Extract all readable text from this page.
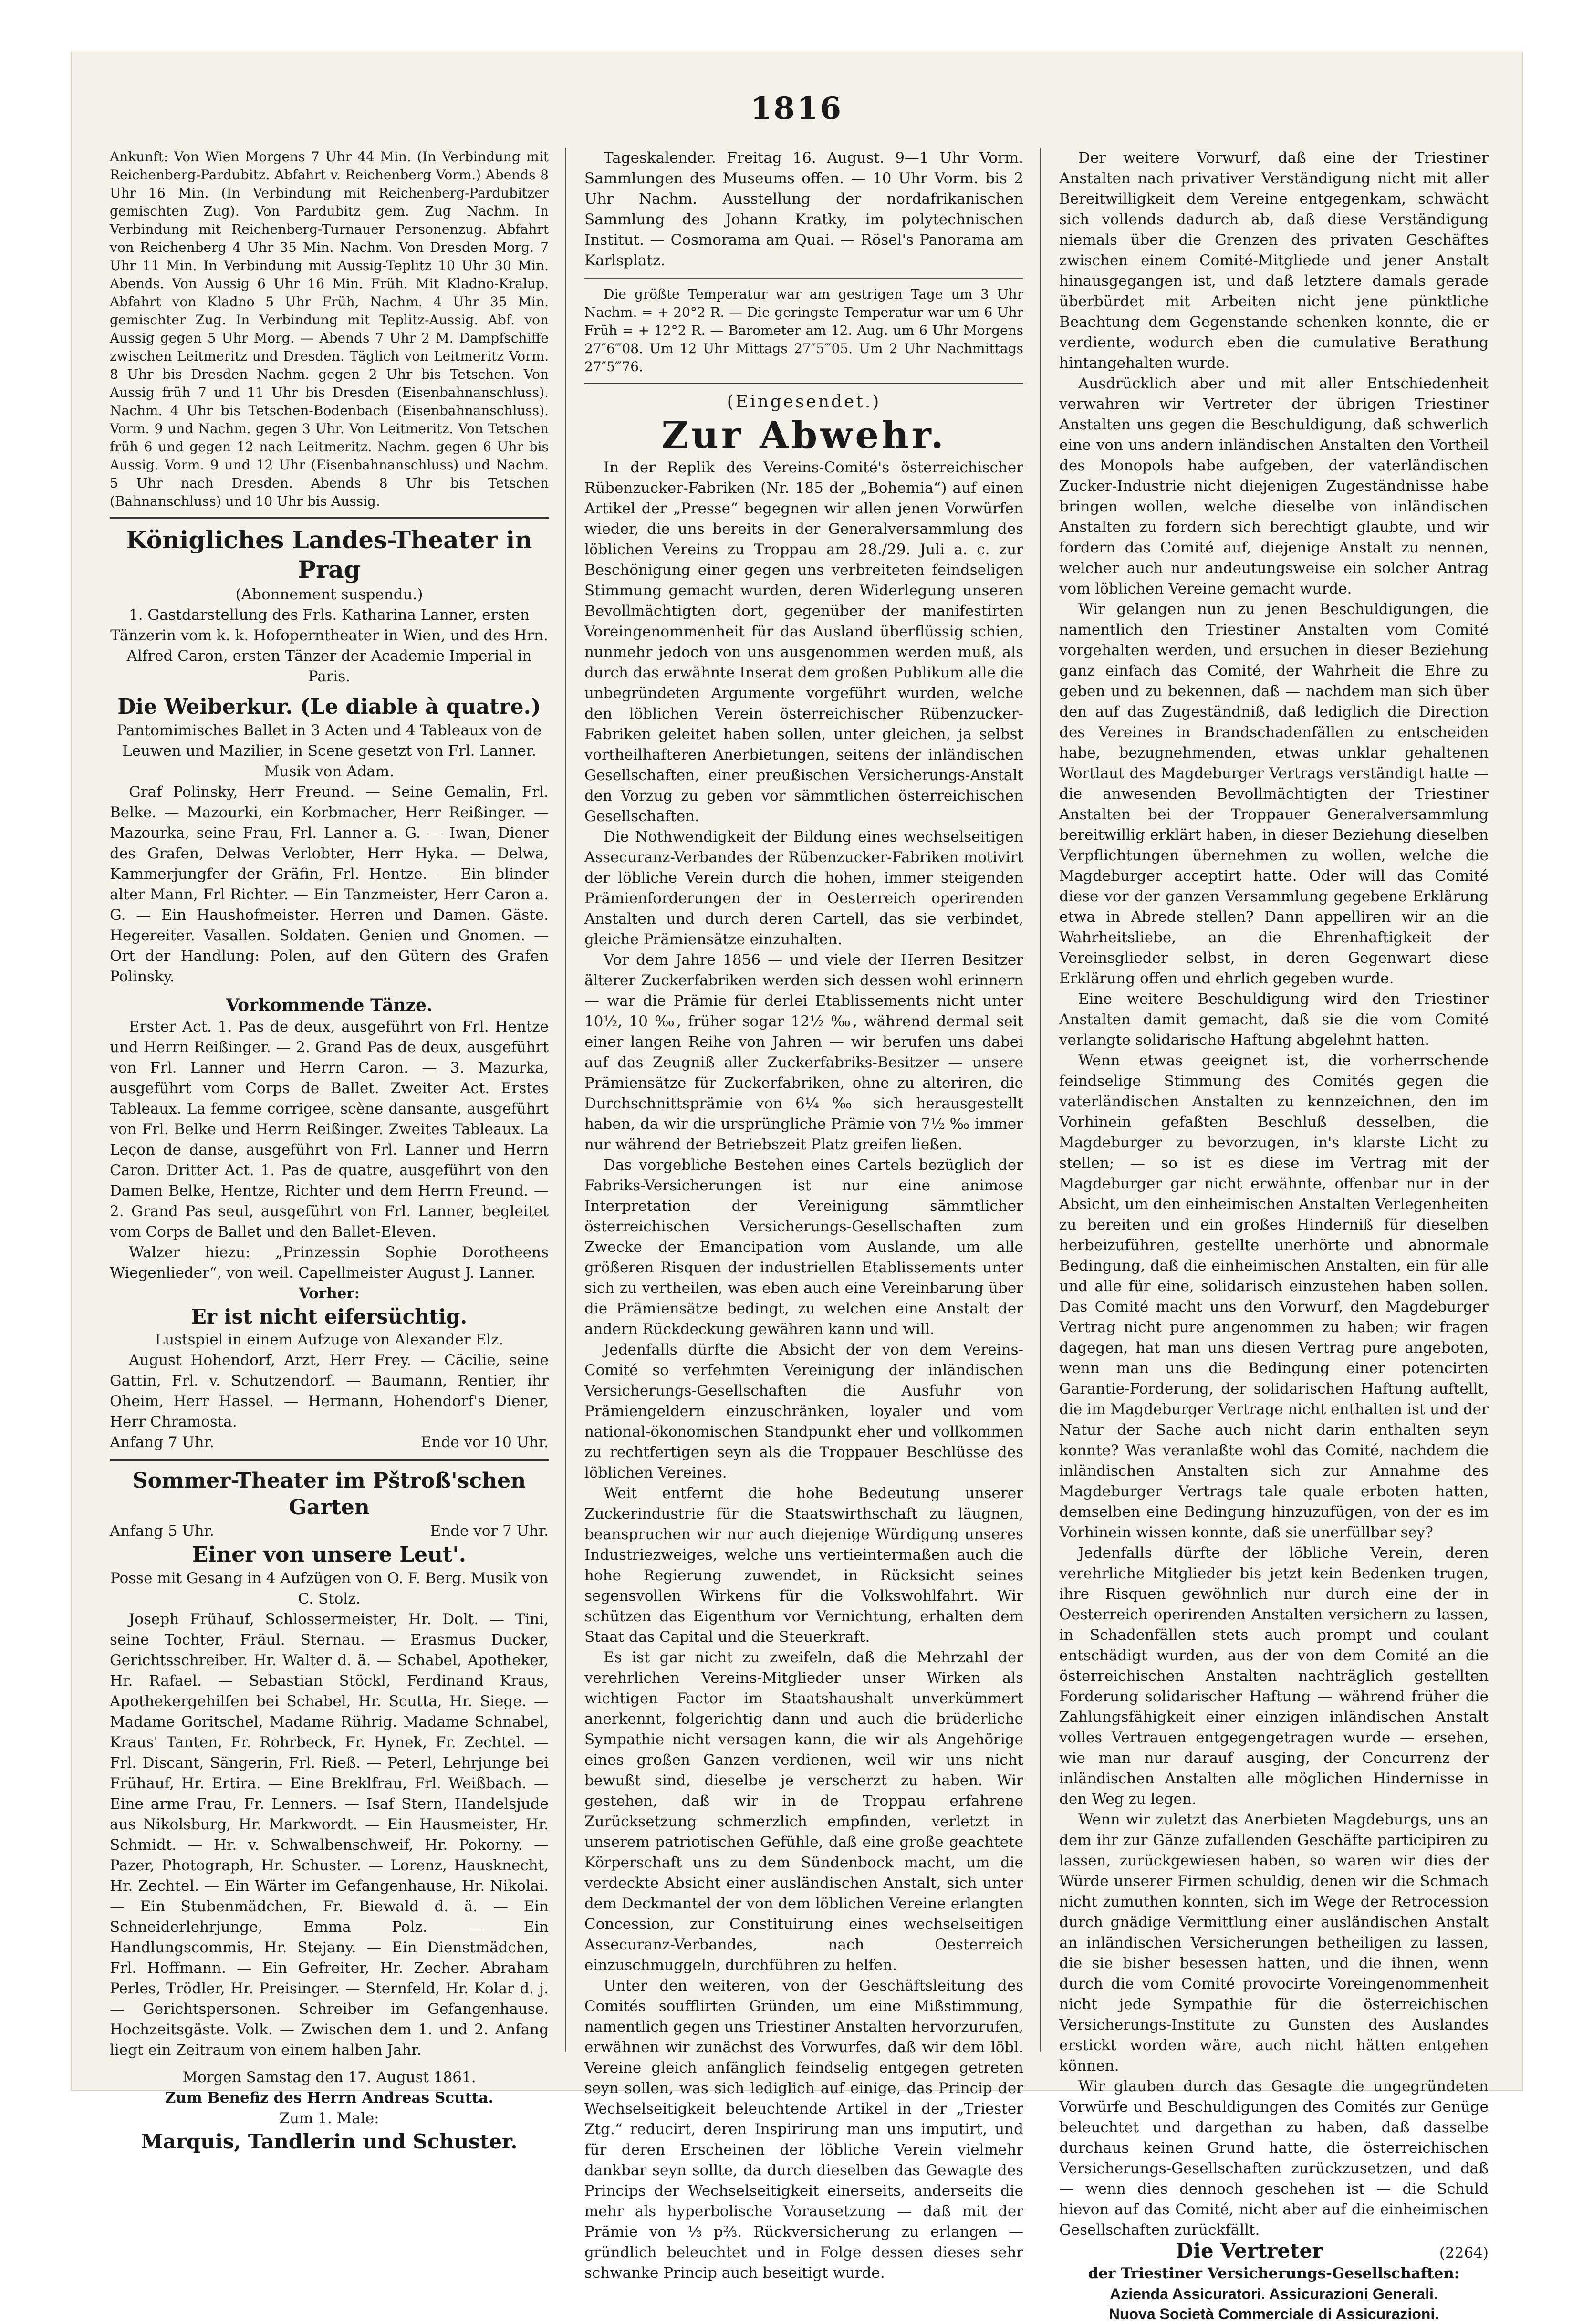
1816

Ankunft: Von Wien Morgens 7 Uhr 44 Min. (In Verbindung mit Reichenberg-Pardubitz. Abfahrt v. Reichenberg Vorm.) Abends 8 Uhr 16 Min. (In Verbindung mit Reichenberg-Pardubitzer gemischten Zug). Von Pardubitz gem. Zug Nachm. In Verbindung mit Reichenberg-Turnauer Personenzug. Abfahrt von Reichenberg 4 Uhr 35 Min. Nachm. Von Dresden Morg. 7 Uhr 11 Min. In Verbindung mit Aussig-Teplitz 10 Uhr 30 Min. Abends. Von Aussig 6 Uhr 16 Min. Früh. Mit Kladno-Kralup. Abfahrt von Kladno 5 Uhr Früh, Nachm. 4 Uhr 35 Min. gemischter Zug. In Verbindung mit Teplitz-Aussig. Abf. von Aussig gegen 5 Uhr Morg. — Abends 7 Uhr 2 M. Dampfschiffe zwischen Leitmeritz und Dresden. Täglich von Leitmeritz Vorm. 8 Uhr bis Dresden Nachm. gegen 2 Uhr bis Tetschen. Von Aussig früh 7 und 11 Uhr bis Dresden (Eisenbahnanschluss). Nachm. 4 Uhr bis Tetschen-Bodenbach (Eisenbahnanschluss). Vorm. 9 und Nachm. gegen 3 Uhr. Von Leitmeritz. Von Tetschen früh 6 und gegen 12 nach Leitmeritz. Nachm. gegen 6 Uhr bis Aussig. Vorm. 9 und 12 Uhr (Eisenbahnanschluss) und Nachm. 5 Uhr nach Dresden. Abends 8 Uhr bis Tetschen (Bahnanschluss) und 10 Uhr bis Aussig.

Königliches Landes-Theater in Prag

(Abonnement suspendu.)

1. Gastdarstellung des Frls. Katharina Lanner, ersten Tänzerin vom k. k. Hofoperntheater in Wien, und des Hrn. Alfred Caron, ersten Tänzer der Academie Imperial in Paris.

Die Weiberkur. (Le diable à quatre.)

Pantomimisches Ballet in 3 Acten und 4 Tableaux von de Leuwen und Mazilier, in Scene gesetzt von Frl. Lanner. Musik von Adam.

Graf Polinsky, Herr Freund. — Seine Gemalin, Frl. Belke. — Mazourki, ein Korbmacher, Herr Reißinger. — Mazourka, seine Frau, Frl. Lanner a. G. — Iwan, Diener des Grafen, Delwas Verlobter, Herr Hyka. — Delwa, Kammerjungfer der Gräfin, Frl. Hentze. — Ein blinder alter Mann, Frl Richter. — Ein Tanzmeister, Herr Caron a. G. — Ein Haushofmeister. Herren und Damen. Gäste. Hegereiter. Vasallen. Soldaten. Genien und Gnomen. — Ort der Handlung: Polen, auf den Gütern des Grafen Polinsky.

Vorkommende Tänze.

Erster Act. 1. Pas de deux, ausgeführt von Frl. Hentze und Herrn Reißinger. — 2. Grand Pas de deux, ausgeführt von Frl. Lanner und Herrn Caron. — 3. Mazurka, ausgeführt vom Corps de Ballet. Zweiter Act. Erstes Tableaux. La femme corrigee, scène dansante, ausgeführt von Frl. Belke und Herrn Reißinger. Zweites Tableaux. La Leçon de danse, ausgeführt von Frl. Lanner und Herrn Caron. Dritter Act. 1. Pas de quatre, ausgeführt von den Damen Belke, Hentze, Richter und dem Herrn Freund. — 2. Grand Pas seul, ausgeführt von Frl. Lanner, begleitet vom Corps de Ballet und den Ballet-Eleven.

Walzer hiezu: „Prinzessin Sophie Dorotheens Wiegenlieder“, von weil. Capellmeister August J. Lanner.

Vorher:

Er ist nicht eifersüchtig.

Lustspiel in einem Aufzuge von Alexander Elz.

August Hohendorf, Arzt, Herr Frey. — Cäcilie, seine Gattin, Frl. v. Schutzendorf. — Baumann, Rentier, ihr Oheim, Herr Hassel. — Hermann, Hohendorf's Diener, Herr Chramosta.

Anfang 7 Uhr.	Ende vor 10 Uhr.

Sommer-Theater im Pštroß'schen Garten

Anfang 5 Uhr.	Ende vor 7 Uhr.

Einer von unsere Leut'.

Posse mit Gesang in 4 Aufzügen von O. F. Berg. Musik von C. Stolz.

Joseph Frühauf, Schlossermeister, Hr. Dolt. — Tini, seine Tochter, Fräul. Sternau. — Erasmus Ducker, Gerichtsschreiber. Hr. Walter d. ä. — Schabel, Apotheker, Hr. Rafael. — Sebastian Stöckl, Ferdinand Kraus, Apothekergehilfen bei Schabel, Hr. Scutta, Hr. Siege. — Madame Goritschel, Madame Rührig. Madame Schnabel, Kraus' Tanten, Fr. Rohrbeck, Fr. Hynek, Fr. Zechtel. — Frl. Discant, Sängerin, Frl. Rieß. — Peterl, Lehrjunge bei Frühauf, Hr. Ertira. — Eine Breklfrau, Frl. Weißbach. — Eine arme Frau, Fr. Lenners. — Isaf Stern, Handelsjude aus Nikolsburg, Hr. Markwordt. — Ein Hausmeister, Hr. Schmidt. — Hr. v. Schwalbenschweif, Hr. Pokorny. — Pazer, Photograph, Hr. Schuster. — Lorenz, Hausknecht, Hr. Zechtel. — Ein Wärter im Gefangenhause, Hr. Nikolai. — Ein Stubenmädchen, Fr. Biewald d. ä. — Ein Schneiderlehrjunge, Emma Polz. — Ein Handlungscommis, Hr. Stejany. — Ein Dienstmädchen, Frl. Hoffmann. — Ein Gefreiter, Hr. Zecher. Abraham Perles, Trödler, Hr. Preisinger. — Sternfeld, Hr. Kolar d. j. — Gerichtspersonen. Schreiber im Gefangenhause. Hochzeitsgäste. Volk. — Zwischen dem 1. und 2. Anfang liegt ein Zeitraum von einem halben Jahr.

Morgen Samstag den 17. August 1861.

Zum Benefiz des Herrn Andreas Scutta.

Zum 1. Male:

Marquis, Tandlerin und Schuster.

Tageskalender. Freitag 16. August. 9—1 Uhr Vorm. Sammlungen des Museums offen. — 10 Uhr Vorm. bis 2 Uhr Nachm. Ausstellung der nordafrikanischen Sammlung des Johann Kratky, im polytechnischen Institut. — Cosmorama am Quai. — Rösel's Panorama am Karlsplatz.

Die größte Temperatur war am gestrigen Tage um 3 Uhr Nachm. = + 20°2 R. — Die geringste Temperatur war um 6 Uhr Früh = + 12°2 R. — Barometer am 12. Aug. um 6 Uhr Morgens 27″6‴08. Um 12 Uhr Mittags 27″5‴05. Um 2 Uhr Nachmittags 27″5‴76.

(Eingesendet.)

Zur Abwehr.

In der Replik des Vereins-Comité's österreichischer Rübenzucker-Fabriken (Nr. 185 der „Bohemia“) auf einen Artikel der „Presse“ begegnen wir allen jenen Vorwürfen wieder, die uns bereits in der Generalversammlung des löblichen Vereins zu Troppau am 28./29. Juli a. c. zur Beschönigung einer gegen uns verbreiteten feindseligen Stimmung gemacht wurden, deren Widerlegung unseren Bevollmächtigten dort, gegenüber der manifestirten Voreingenommenheit für das Ausland überflüssig schien, nunmehr jedoch von uns ausgenommen werden muß, als durch das erwähnte Inserat dem großen Publikum alle die unbegründeten Argumente vorgeführt wurden, welche den löblichen Verein österreichischer Rübenzucker-Fabriken geleitet haben sollen, unter gleichen, ja selbst vortheilhafteren Anerbietungen, seitens der inländischen Gesellschaften, einer preußischen Versicherungs-Anstalt den Vorzug zu geben vor sämmtlichen österreichischen Gesellschaften.

Die Nothwendigkeit der Bildung eines wechselseitigen Assecuranz-Verbandes der Rübenzucker-Fabriken motivirt der löbliche Verein durch die hohen, immer steigenden Prämienforderungen der in Oesterreich operirenden Anstalten und durch deren Cartell, das sie verbindet, gleiche Prämiensätze einzuhalten.

Vor dem Jahre 1856 — und viele der Herren Besitzer älterer Zuckerfabriken werden sich dessen wohl erinnern — war die Prämie für derlei Etablissements nicht unter 10½, 10 ‰, früher sogar 12½ ‰, während dermal seit einer langen Reihe von Jahren — wir berufen uns dabei auf das Zeugniß aller Zuckerfabriks-Besitzer — unsere Prämiensätze für Zuckerfabriken, ohne zu alteriren, die Durchschnittsprämie von 6¼ ‰ sich herausgestellt haben, da wir die ursprüngliche Prämie von 7½ ‰ immer nur während der Betriebszeit Platz greifen ließen.

Das vorgebliche Bestehen eines Cartels bezüglich der Fabriks-Versicherungen ist nur eine animose Interpretation der Vereinigung sämmtlicher österreichischen Versicherungs-Gesellschaften zum Zwecke der Emancipation vom Auslande, um alle größeren Risquen der industriellen Etablissements unter sich zu vertheilen, was eben auch eine Vereinbarung über die Prämiensätze bedingt, zu welchen eine Anstalt der andern Rückdeckung gewähren kann und will.

Jedenfalls dürfte die Absicht der von dem Vereins-Comité so verfehmten Vereinigung der inländischen Versicherungs-Gesellschaften die Ausfuhr von Prämiengeldern einzuschränken, loyaler und vom national-ökonomischen Standpunkt eher und vollkommen zu rechtfertigen seyn als die Troppauer Beschlüsse des löblichen Vereines.

Weit entfernt die hohe Bedeutung unserer Zuckerindustrie für die Staatswirthschaft zu läugnen, beanspruchen wir nur auch diejenige Würdigung unseres Industriezweiges, welche uns vertieintermaßen auch die hohe Regierung zuwendet, in Rücksicht seines segensvollen Wirkens für die Volkswohlfahrt. Wir schützen das Eigenthum vor Vernichtung, erhalten dem Staat das Capital und die Steuerkraft.

Es ist gar nicht zu zweifeln, daß die Mehrzahl der verehrlichen Vereins-Mitglieder unser Wirken als wichtigen Factor im Staatshaushalt unverkümmert anerkennt, folgerichtig dann und auch die brüderliche Sympathie nicht versagen kann, die wir als Angehörige eines großen Ganzen verdienen, weil wir uns nicht bewußt sind, dieselbe je verscherzt zu haben. Wir gestehen, daß wir in de Troppau erfahrene Zurücksetzung schmerzlich empfinden, verletzt in unserem patriotischen Gefühle, daß eine große geachtete Körperschaft uns zu dem Sündenbock macht, um die verdeckte Absicht einer ausländischen Anstalt, sich unter dem Deckmantel der von dem löblichen Vereine erlangten Concession, zur Constituirung eines wechselseitigen Assecuranz-Verbandes, nach Oesterreich einzuschmuggeln, durchführen zu helfen.

Unter den weiteren, von der Geschäftsleitung des Comités soufflirten Gründen, um eine Mißstimmung, namentlich gegen uns Triestiner Anstalten hervorzurufen, erwähnen wir zunächst des Vorwurfes, daß wir dem löbl. Vereine gleich anfänglich feindselig entgegen getreten seyn sollen, was sich lediglich auf einige, das Princip der Wechselseitigkeit beleuchtende Artikel in der „Triester Ztg.“ reducirt, deren Inspirirung man uns imputirt, und für deren Erscheinen der löbliche Verein vielmehr dankbar seyn sollte, da durch dieselben das Gewagte des Princips der Wechselseitigkeit einerseits, anderseits die mehr als hyperbolische Vorausetzung — daß mit der Prämie von ⅓ p⅔. Rückversicherung zu erlangen — gründlich beleuchtet und in Folge dessen dieses sehr schwanke Princip auch beseitigt wurde.

Der weitere Vorwurf, daß eine der Triestiner Anstalten nach privativer Verständigung nicht mit aller Bereitwilligkeit dem Vereine entgegenkam, schwächt sich vollends dadurch ab, daß diese Verständigung niemals über die Grenzen des privaten Geschäftes zwischen einem Comité-Mitgliede und jener Anstalt hinausgegangen ist, und daß letztere damals gerade überbürdet mit Arbeiten nicht jene pünktliche Beachtung dem Gegenstande schenken konnte, die er verdiente, wodurch eben die cumulative Berathung hintangehalten wurde.

Ausdrücklich aber und mit aller Entschiedenheit verwahren wir Vertreter der übrigen Triestiner Anstalten uns gegen die Beschuldigung, daß schwerlich eine von uns andern inländischen Anstalten den Vortheil des Monopols habe aufgeben, der vaterländischen Zucker-Industrie nicht diejenigen Zugeständnisse habe bringen wollen, welche dieselbe von inländischen Anstalten zu fordern sich berechtigt glaubte, und wir fordern das Comité auf, diejenige Anstalt zu nennen, welcher auch nur andeutungsweise ein solcher Antrag vom löblichen Vereine gemacht wurde.

Wir gelangen nun zu jenen Beschuldigungen, die namentlich den Triestiner Anstalten vom Comité vorgehalten werden, und ersuchen in dieser Beziehung ganz einfach das Comité, der Wahrheit die Ehre zu geben und zu bekennen, daß — nachdem man sich über den auf das Zugeständniß, daß lediglich die Direction des Vereines in Brandschadenfällen zu entscheiden habe, bezugnehmenden, etwas unklar gehaltenen Wortlaut des Magdeburger Vertrags verständigt hatte — die anwesenden Bevollmächtigten der Triestiner Anstalten bei der Troppauer Generalversammlung bereitwillig erklärt haben, in dieser Beziehung dieselben Verpflichtungen übernehmen zu wollen, welche die Magdeburger acceptirt hatte. Oder will das Comité diese vor der ganzen Versammlung gegebene Erklärung etwa in Abrede stellen? Dann appelliren wir an die Wahrheitsliebe, an die Ehrenhaftigkeit der Vereinsglieder selbst, in deren Gegenwart diese Erklärung offen und ehrlich gegeben wurde.

Eine weitere Beschuldigung wird den Triestiner Anstalten damit gemacht, daß sie die vom Comité verlangte solidarische Haftung abgelehnt hatten.

Wenn etwas geeignet ist, die vorherrschende feindselige Stimmung des Comités gegen die vaterländischen Anstalten zu kennzeichnen, den im Vorhinein gefaßten Beschluß desselben, die Magdeburger zu bevorzugen, in's klarste Licht zu stellen; — so ist es diese im Vertrag mit der Magdeburger gar nicht erwähnte, offenbar nur in der Absicht, um den einheimischen Anstalten Verlegenheiten zu bereiten und ein großes Hinderniß für dieselben herbeizuführen, gestellte unerhörte und abnormale Bedingung, daß die einheimischen Anstalten, ein für alle und alle für eine, solidarisch einzustehen haben sollen. Das Comité macht uns den Vorwurf, den Magdeburger Vertrag nicht pure angenommen zu haben; wir fragen dagegen, hat man uns diesen Vertrag pure angeboten, wenn man uns die Bedingung einer potencirten Garantie-Forderung, der solidarischen Haftung auftellt, die im Magdeburger Vertrage nicht enthalten ist und der Natur der Sache auch nicht darin enthalten seyn konnte? Was veranlaßte wohl das Comité, nachdem die inländischen Anstalten sich zur Annahme des Magdeburger Vertrags tale quale erboten hatten, demselben eine Bedingung hinzuzufügen, von der es im Vorhinein wissen konnte, daß sie unerfüllbar sey?

Jedenfalls dürfte der löbliche Verein, deren verehrliche Mitglieder bis jetzt kein Bedenken trugen, ihre Risquen gewöhnlich nur durch eine der in Oesterreich operirenden Anstalten versichern zu lassen, in Schadenfällen stets auch prompt und coulant entschädigt wurden, aus der von dem Comité an die österreichischen Anstalten nachträglich gestellten Forderung solidarischer Haftung — während früher die Zahlungsfähigkeit einer einzigen inländischen Anstalt volles Vertrauen entgegengetragen wurde — ersehen, wie man nur darauf ausging, der Concurrenz der inländischen Anstalten alle möglichen Hindernisse in den Weg zu legen.

Wenn wir zuletzt das Anerbieten Magdeburgs, uns an dem ihr zur Gänze zufallenden Geschäfte participiren zu lassen, zurückgewiesen haben, so waren wir dies der Würde unserer Firmen schuldig, denen wir die Schmach nicht zumuthen konnten, sich im Wege der Retrocession durch gnädige Vermittlung einer ausländischen Anstalt an inländischen Versicherungen betheiligen zu lassen, die sie bisher besessen hatten, und die ihnen, wenn durch die vom Comité provocirte Voreingenommenheit nicht jede Sympathie für die österreichischen Versicherungs-Institute zu Gunsten des Auslandes erstickt worden wäre, auch nicht hätten entgehen können.

Wir glauben durch das Gesagte die ungegründeten Vorwürfe und Beschuldigungen des Comités zur Genüge beleuchtet und dargethan zu haben, daß dasselbe durchaus keinen Grund hatte, die österreichischen Versicherungs-Gesellschaften zurückzusetzen, und daß — wenn dies dennoch geschehen ist — die Schuld hievon auf das Comité, nicht aber auf die einheimischen Gesellschaften zurückfällt.

Die Vertreter	(2264)

der Triestiner Versicherungs-Gesellschaften:

Azienda Assicuratori. Assicurazioni Generali.

Nuova Società Commerciale di Assicurazioni.
